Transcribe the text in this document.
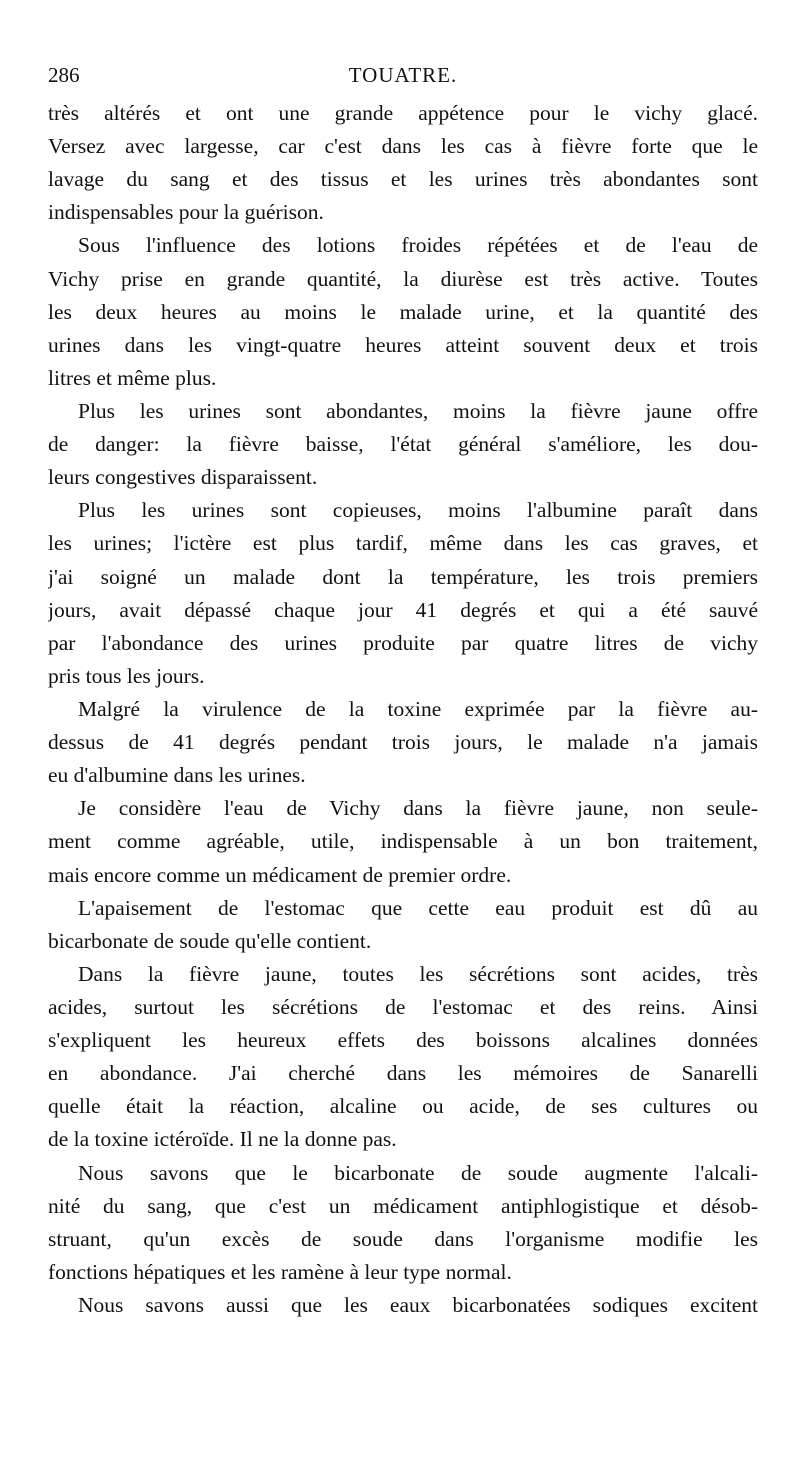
286	TOUATRE.
très altérés et ont une grande appétence pour le vichy glacé.
Versez avec largesse, car c'est dans les cas à fièvre forte que le
lavage du sang et des tissus et les urines très abondantes sont
indispensables pour la guérison.
Sous l'influence des lotions froides répétées et de l'eau de
Vichy prise en grande quantité, la diurèse est très active. Toutes
les deux heures au moins le malade urine, et la quantité des
urines dans les vingt-quatre heures atteint souvent deux et trois
litres et même plus.
Plus les urines sont abondantes, moins la fièvre jaune offre
de danger: la fièvre baisse, l'état général s'améliore, les dou-
leurs congestives disparaissent.
Plus les urines sont copieuses, moins l'albumine paraît dans
les urines; l'ictère est plus tardif, même dans les cas graves, et
j'ai soigné un malade dont la température, les trois premiers
jours, avait dépassé chaque jour 41 degrés et qui a été sauvé
par l'abondance des urines produite par quatre litres de vichy
pris tous les jours.
Malgré la virulence de la toxine exprimée par la fièvre au-
dessus de 41 degrés pendant trois jours, le malade n'a jamais
eu d'albumine dans les urines.
Je considère l'eau de Vichy dans la fièvre jaune, non seule-
ment comme agréable, utile, indispensable à un bon traitement,
mais encore comme un médicament de premier ordre.
L'apaisement de l'estomac que cette eau produit est dû au
bicarbonate de soude qu'elle contient.
Dans la fièvre jaune, toutes les sécrétions sont acides, très
acides, surtout les sécrétions de l'estomac et des reins. Ainsi
s'expliquent les heureux effets des boissons alcalines données
en abondance. J'ai cherché dans les mémoires de Sanarelli
quelle était la réaction, alcaline ou acide, de ses cultures ou
de la toxine ictéroïde. Il ne la donne pas.
Nous savons que le bicarbonate de soude augmente l'alcali-
nité du sang, que c'est un médicament antiphlogistique et désob-
struant, qu'un excès de soude dans l'organisme modifie les
fonctions hépatiques et les ramène à leur type normal.
Nous savons aussi que les eaux bicarbonatées sodiques excitent
